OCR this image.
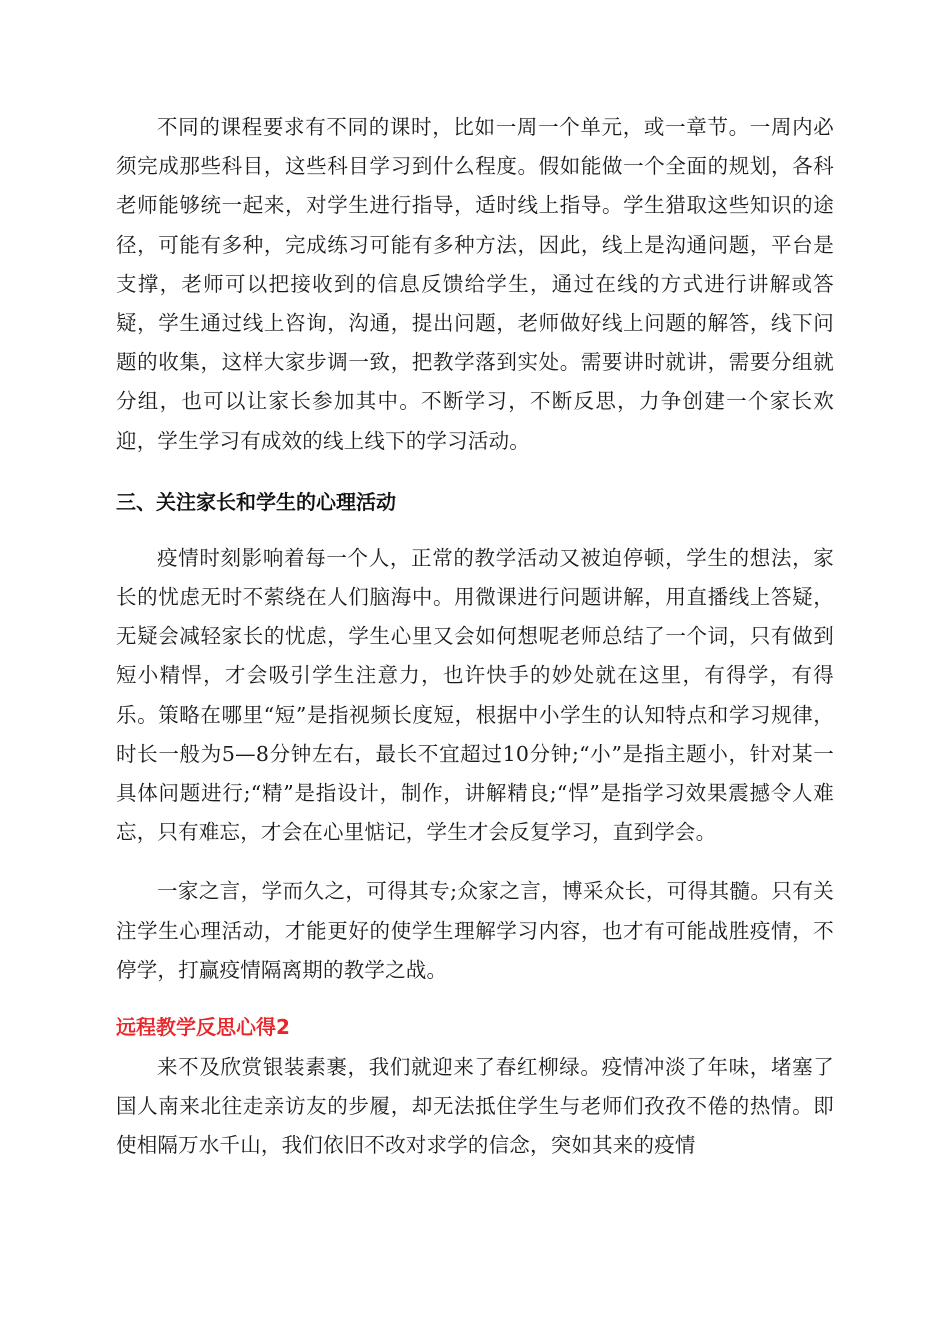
不同的课程要求有不同的课时，比如一周一个单元，或一章节。一周内必须完成那些科目，这些科目学习到什么程度。假如能做一个全面的规划，各科老师能够统一起来，对学生进行指导，适时线上指导。学生猎取这些知识的途径，可能有多种，完成练习可能有多种方法，因此，线上是沟通问题，平台是支撑，老师可以把接收到的信息反馈给学生，通过在线的方式进行讲解或答疑，学生通过线上咨询，沟通，提出问题，老师做好线上问题的解答，线下问题的收集，这样大家步调一致，把教学落到实处。需要讲时就讲，需要分组就分组，也可以让家长参加其中。不断学习，不断反思，力争创建一个家长欢迎，学生学习有成效的线上线下的学习活动。

三、关注家长和学生的心理活动

疫情时刻影响着每一个人，正常的教学活动又被迫停顿，学生的想法，家长的忧虑无时不萦绕在人们脑海中。用微课进行问题讲解，用直播线上答疑，无疑会减轻家长的忧虑，学生心里又会如何想呢老师总结了一个词，只有做到短小精悍，才会吸引学生注意力，也许快手的妙处就在这里，有得学，有得乐。策略在哪里“短”是指视频长度短，根据中小学生的认知特点和学习规律，时长一般为5—8分钟左右，最长不宜超过10分钟;“小”是指主题小，针对某一具体问题进行;“精”是指设计，制作，讲解精良;“悍”是指学习效果震撼令人难忘，只有难忘，才会在心里惦记，学生才会反复学习，直到学会。

一家之言，学而久之，可得其专;众家之言，博采众长，可得其髓。只有关注学生心理活动，才能更好的使学生理解学习内容，也才有可能战胜疫情，不停学，打赢疫情隔离期的教学之战。

远程教学反思心得2

来不及欣赏银装素裹，我们就迎来了春红柳绿。疫情冲淡了年味，堵塞了国人南来北往走亲访友的步履，却无法抵住学生与老师们孜孜不倦的热情。即使相隔万水千山，我们依旧不改对求学的信念，突如其来的疫情
